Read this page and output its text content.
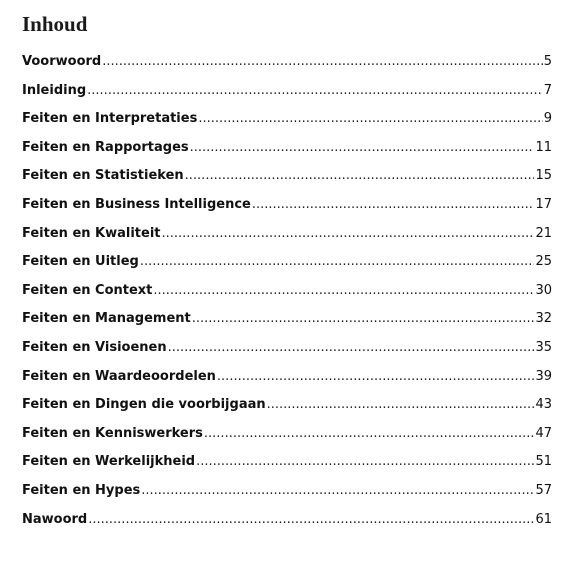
Inhoud
Voorwoord .....	5
Inleiding .....	7
Feiten en Interpretaties .....	9
Feiten en Rapportages .....	11
Feiten en Statistieken .....	15
Feiten en Business Intelligence .....	17
Feiten en Kwaliteit .....	21
Feiten en Uitleg .....	25
Feiten en Context .....	30
Feiten en Management .....	32
Feiten en Visioenen .....	35
Feiten en Waardeoordelen .....	39
Feiten en Dingen die voorbijgaan .....	43
Feiten en Kenniswerkers .....	47
Feiten en Werkelijkheid .....	51
Feiten en Hypes .....	57
Nawoord .....	61
